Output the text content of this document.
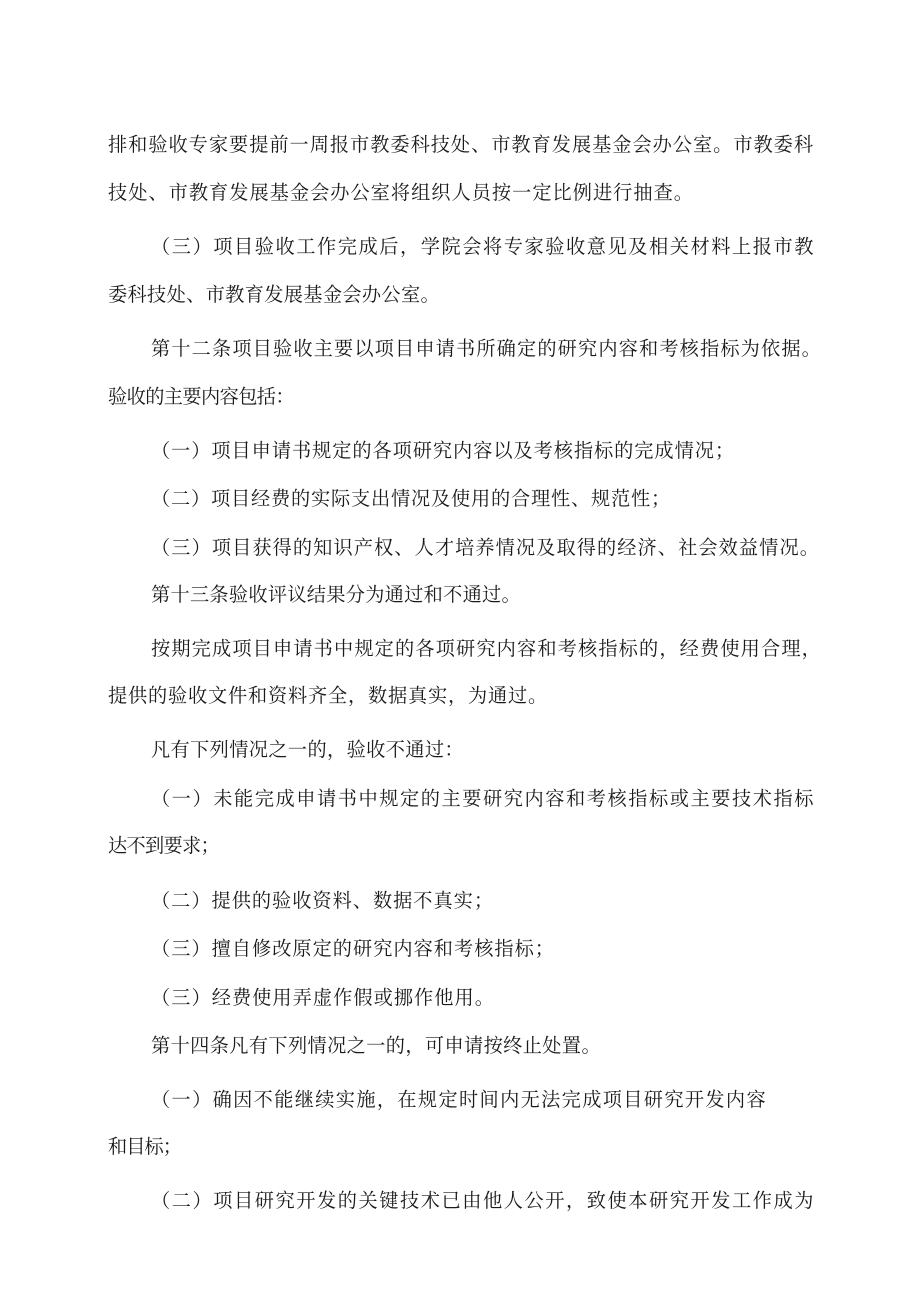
排和验收专家要提前一周报市教委科技处、市教育发展基金会办公室。市教委科
技处、市教育发展基金会办公室将组织人员按一定比例进行抽查。
（三）项目验收工作完成后，学院会将专家验收意见及相关材料上报市教
委科技处、市教育发展基金会办公室。
第十二条项目验收主要以项目申请书所确定的研究内容和考核指标为依据。
验收的主要内容包括：
（一）项目申请书规定的各项研究内容以及考核指标的完成情况；
（二）项目经费的实际支出情况及使用的合理性、规范性；
（三）项目获得的知识产权、人才培养情况及取得的经济、社会效益情况。
第十三条验收评议结果分为通过和不通过。
按期完成项目申请书中规定的各项研究内容和考核指标的，经费使用合理，
提供的验收文件和资料齐全，数据真实，为通过。
凡有下列情况之一的，验收不通过：
（一）未能完成申请书中规定的主要研究内容和考核指标或主要技术指标
达不到要求；
（二）提供的验收资料、数据不真实；
（三）擅自修改原定的研究内容和考核指标；
（三）经费使用弄虚作假或挪作他用。
第十四条凡有下列情况之一的，可申请按终止处置。
（一）确因不能继续实施，在规定时间内无法完成项目研究开发内容
和目标；
（二）项目研究开发的关键技术已由他人公开，致使本研究开发工作成为
